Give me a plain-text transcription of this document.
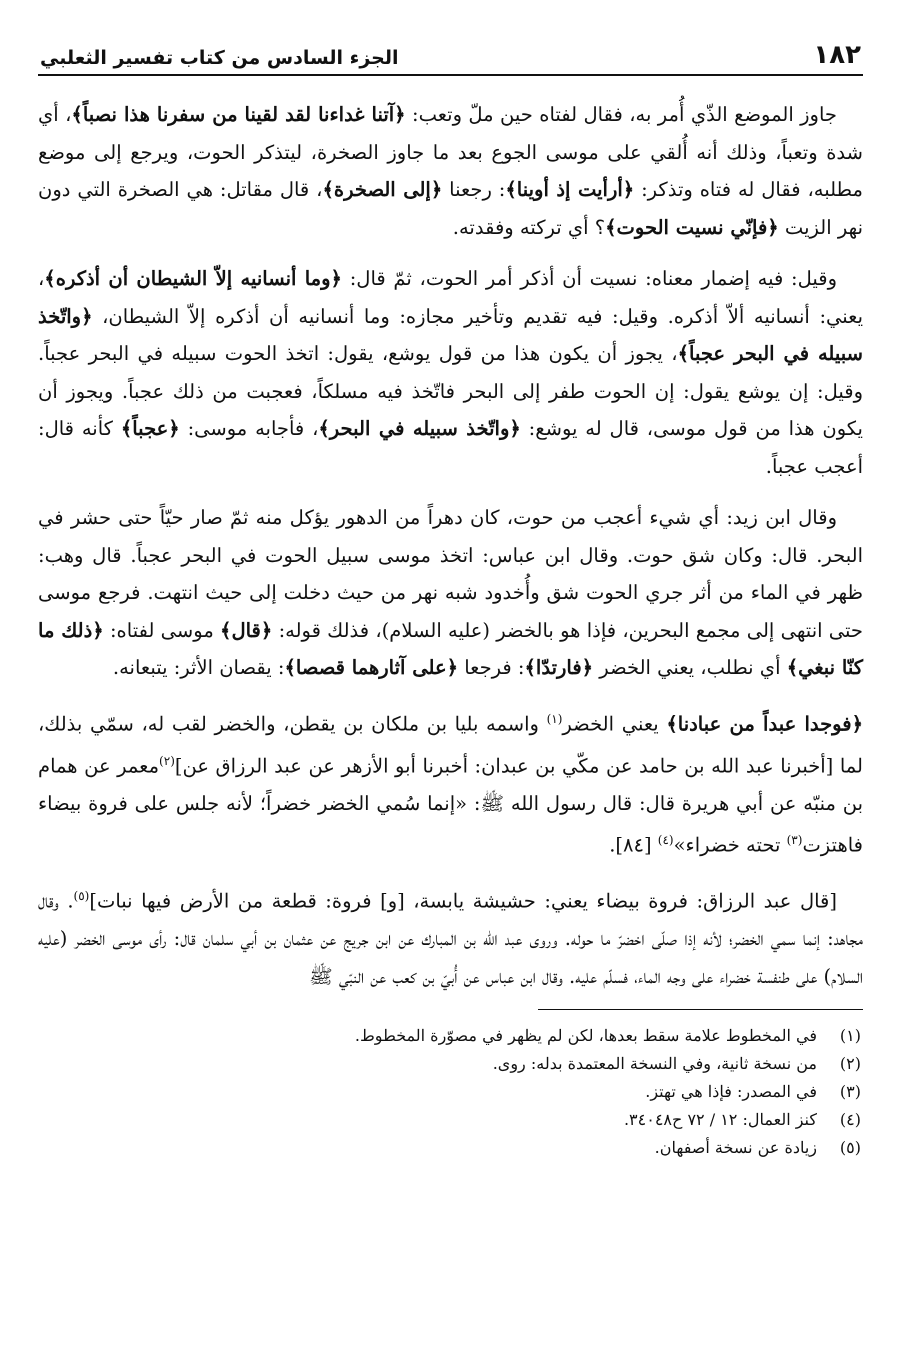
١٨٢
الجزء السادس من كتاب تفسير الثعلبي

جاوز الموضع الذّي أُمر به، فقال لفتاه حين ملّ وتعب: ﴿آتنا غداءنا لقد لقينا من سفرنا هذا نصباً﴾، أي شدة وتعباً، وذلك أنه أُلقي على موسى الجوع بعد ما جاوز الصخرة، ليتذكر الحوت، ويرجع إلى موضع مطلبه، فقال له فتاه وتذكر: ﴿أرأيت إذ أوينا﴾: رجعنا ﴿إلى الصخرة﴾، قال مقاتل: هي الصخرة التي دون نهر الزيت ﴿فإنّي نسيت الحوت﴾؟ أي تركته وفقدته.

وقيل: فيه إضمار معناه: نسيت أن أذكر أمر الحوت، ثمّ قال: ﴿وما أنسانيه إلاّ الشيطان أن أذكره﴾، يعني: أنسانيه ألاّ أذكره. وقيل: فيه تقديم وتأخير مجازه: وما أنسانيه أن أذكره إلاّ الشيطان، ﴿واتّخذ سبيله في البحر عجباً﴾، يجوز أن يكون هذا من قول يوشع، يقول: اتخذ الحوت سبيله في البحر عجباً. وقيل: إن يوشع يقول: إن الحوت طفر إلى البحر فاتّخذ فيه مسلكاً، فعجبت من ذلك عجباً. ويجوز أن يكون هذا من قول موسى، قال له يوشع: ﴿واتّخذ سبيله في البحر﴾، فأجابه موسى: ﴿عجباً﴾ كأنه قال: أعجب عجباً.

وقال ابن زيد: أي شيء أعجب من حوت، كان دهراً من الدهور يؤكل منه ثمّ صار حيّاً حتى حشر في البحر. قال: وكان شق حوت. وقال ابن عباس: اتخذ موسى سبيل الحوت في البحر عجباً. قال وهب: ظهر في الماء من أثر جري الحوت شق وأُخدود شبه نهر من حيث دخلت إلى حيث انتهت. فرجع موسى حتى انتهى إلى مجمع البحرين، فإذا هو بالخضر (عليه السلام)، فذلك قوله: ﴿قال﴾ موسى لفتاه: ﴿ذلك ما كنّا نبغي﴾ أي نطلب، يعني الخضر ﴿فارتدّا﴾: فرجعا ﴿على آثارهما قصصا﴾: يقصان الأثر: يتبعانه.

﴿فوجدا عبداً من عبادنا﴾ يعني الخضر$^{(١)}$ واسمه بليا بن ملكان بن يقطن، والخضر لقب له، سمّي بذلك، لما [أخبرنا عبد الله بن حامد عن مكّي بن عبدان: أخبرنا أبو الأزهر عن عبد الرزاق عن]$^{(٢)}$معمر عن همام بن منبّه عن أبي هريرة قال: قال رسول الله ﷺ: «إنما سُمي الخضر خضراً؛ لأنه جلس على فروة بيضاء فاهتزت$^{(٣)}$ تحته خضراء»$^{(٤)}$ [٨٤].

[قال عبد الرزاق: فروة بيضاء يعني: حشيشة يابسة، [و] فروة: قطعة من الأرض فيها نبات]$^{(٥)}$. وقال مجاهد: إنما سمي الخضر؛ لأنه إذا صلّى اخضرّ ما حوله. وروى عبد الله بن المبارك عن ابن جريج عن عثمان بن أبي سلمان قال: رأى موسى الخضر (عليه السلام) على طنفسة خضراء على وجه الماء، فسلّم عليه. وقال ابن عباس عن أُبيّ بن كعب عن النبّي ﷺ

(١)
في المخطوط علامة سقط بعدها، لكن لم يظهر في مصوّرة المخطوط.
(٢)
من نسخة ثانية، وفي النسخة المعتمدة بدله: روى.
(٣)
في المصدر: فإذا هي تهتز.
(٤)
كنز العمال: ١٢ / ٧٢ ح٣٤٠٤٨.
(٥)
زيادة عن نسخة أصفهان.
